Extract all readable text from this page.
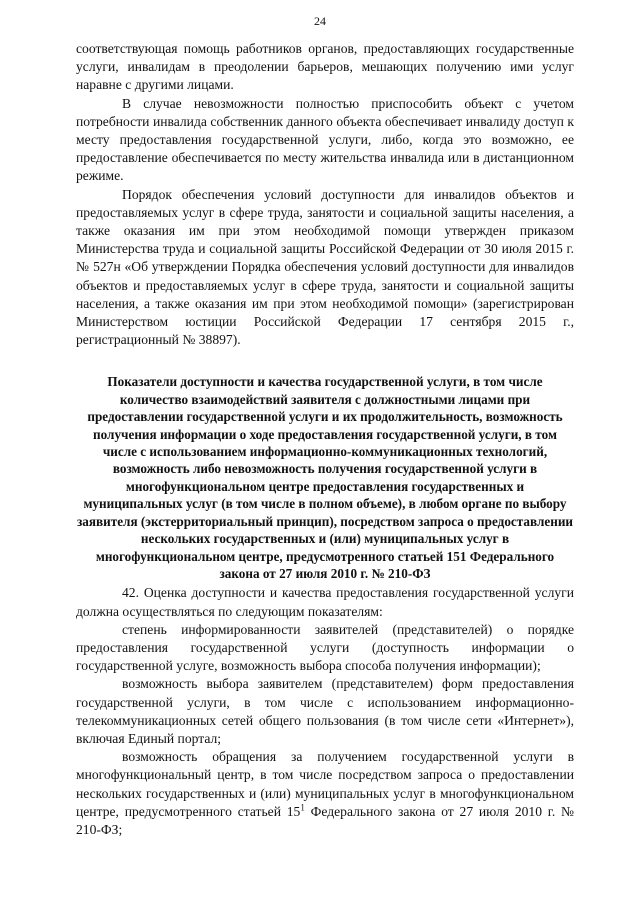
24

соответствующая помощь работников органов, предоставляющих государственные услуги, инвалидам в преодолении барьеров, мешающих получению ими услуг наравне с другими лицами.

В случае невозможности полностью приспособить объект с учетом потребности инвалида собственник данного объекта обеспечивает инвалиду доступ к месту предоставления государственной услуги, либо, когда это возможно, ее предоставление обеспечивается по месту жительства инвалида или в дистанционном режиме.

Порядок обеспечения условий доступности для инвалидов объектов и предоставляемых услуг в сфере труда, занятости и социальной защиты населения, а также оказания им при этом необходимой помощи утвержден приказом Министерства труда и социальной защиты Российской Федерации от 30 июля 2015 г. № 527н «Об утверждении Порядка обеспечения условий доступности для инвалидов объектов и предоставляемых услуг в сфере труда, занятости и социальной защиты населения, а также оказания им при этом необходимой помощи» (зарегистрирован Министерством юстиции Российской Федерации 17 сентября 2015 г., регистрационный № 38897).

Показатели доступности и качества государственной услуги, в том числе количество взаимодействий заявителя с должностными лицами при предоставлении государственной услуги и их продолжительность, возможность получения информации о ходе предоставления государственной услуги, в том числе с использованием информационно-коммуникационных технологий, возможность либо невозможность получения государственной услуги в многофункциональном центре предоставления государственных и муниципальных услуг (в том числе в полном объеме), в любом органе по выбору заявителя (экстерриториальный принцип), посредством запроса о предоставлении нескольких государственных и (или) муниципальных услуг в многофункциональном центре, предусмотренного статьей 151 Федерального закона от 27 июля 2010 г. № 210-ФЗ

42. Оценка доступности и качества предоставления государственной услуги должна осуществляться по следующим показателям:

степень информированности заявителей (представителей) о порядке предоставления государственной услуги (доступность информации о государственной услуге, возможность выбора способа получения информации);

возможность выбора заявителем (представителем) форм предоставления государственной услуги, в том числе с использованием информационно-телекоммуникационных сетей общего пользования (в том числе сети «Интернет»), включая Единый портал;

возможность обращения за получением государственной услуги в многофункциональный центр, в том числе посредством запроса о предоставлении нескольких государственных и (или) муниципальных услуг в многофункциональном центре, предусмотренного статьей $15^1$ Федерального закона от 27 июля 2010 г. № 210-ФЗ;
